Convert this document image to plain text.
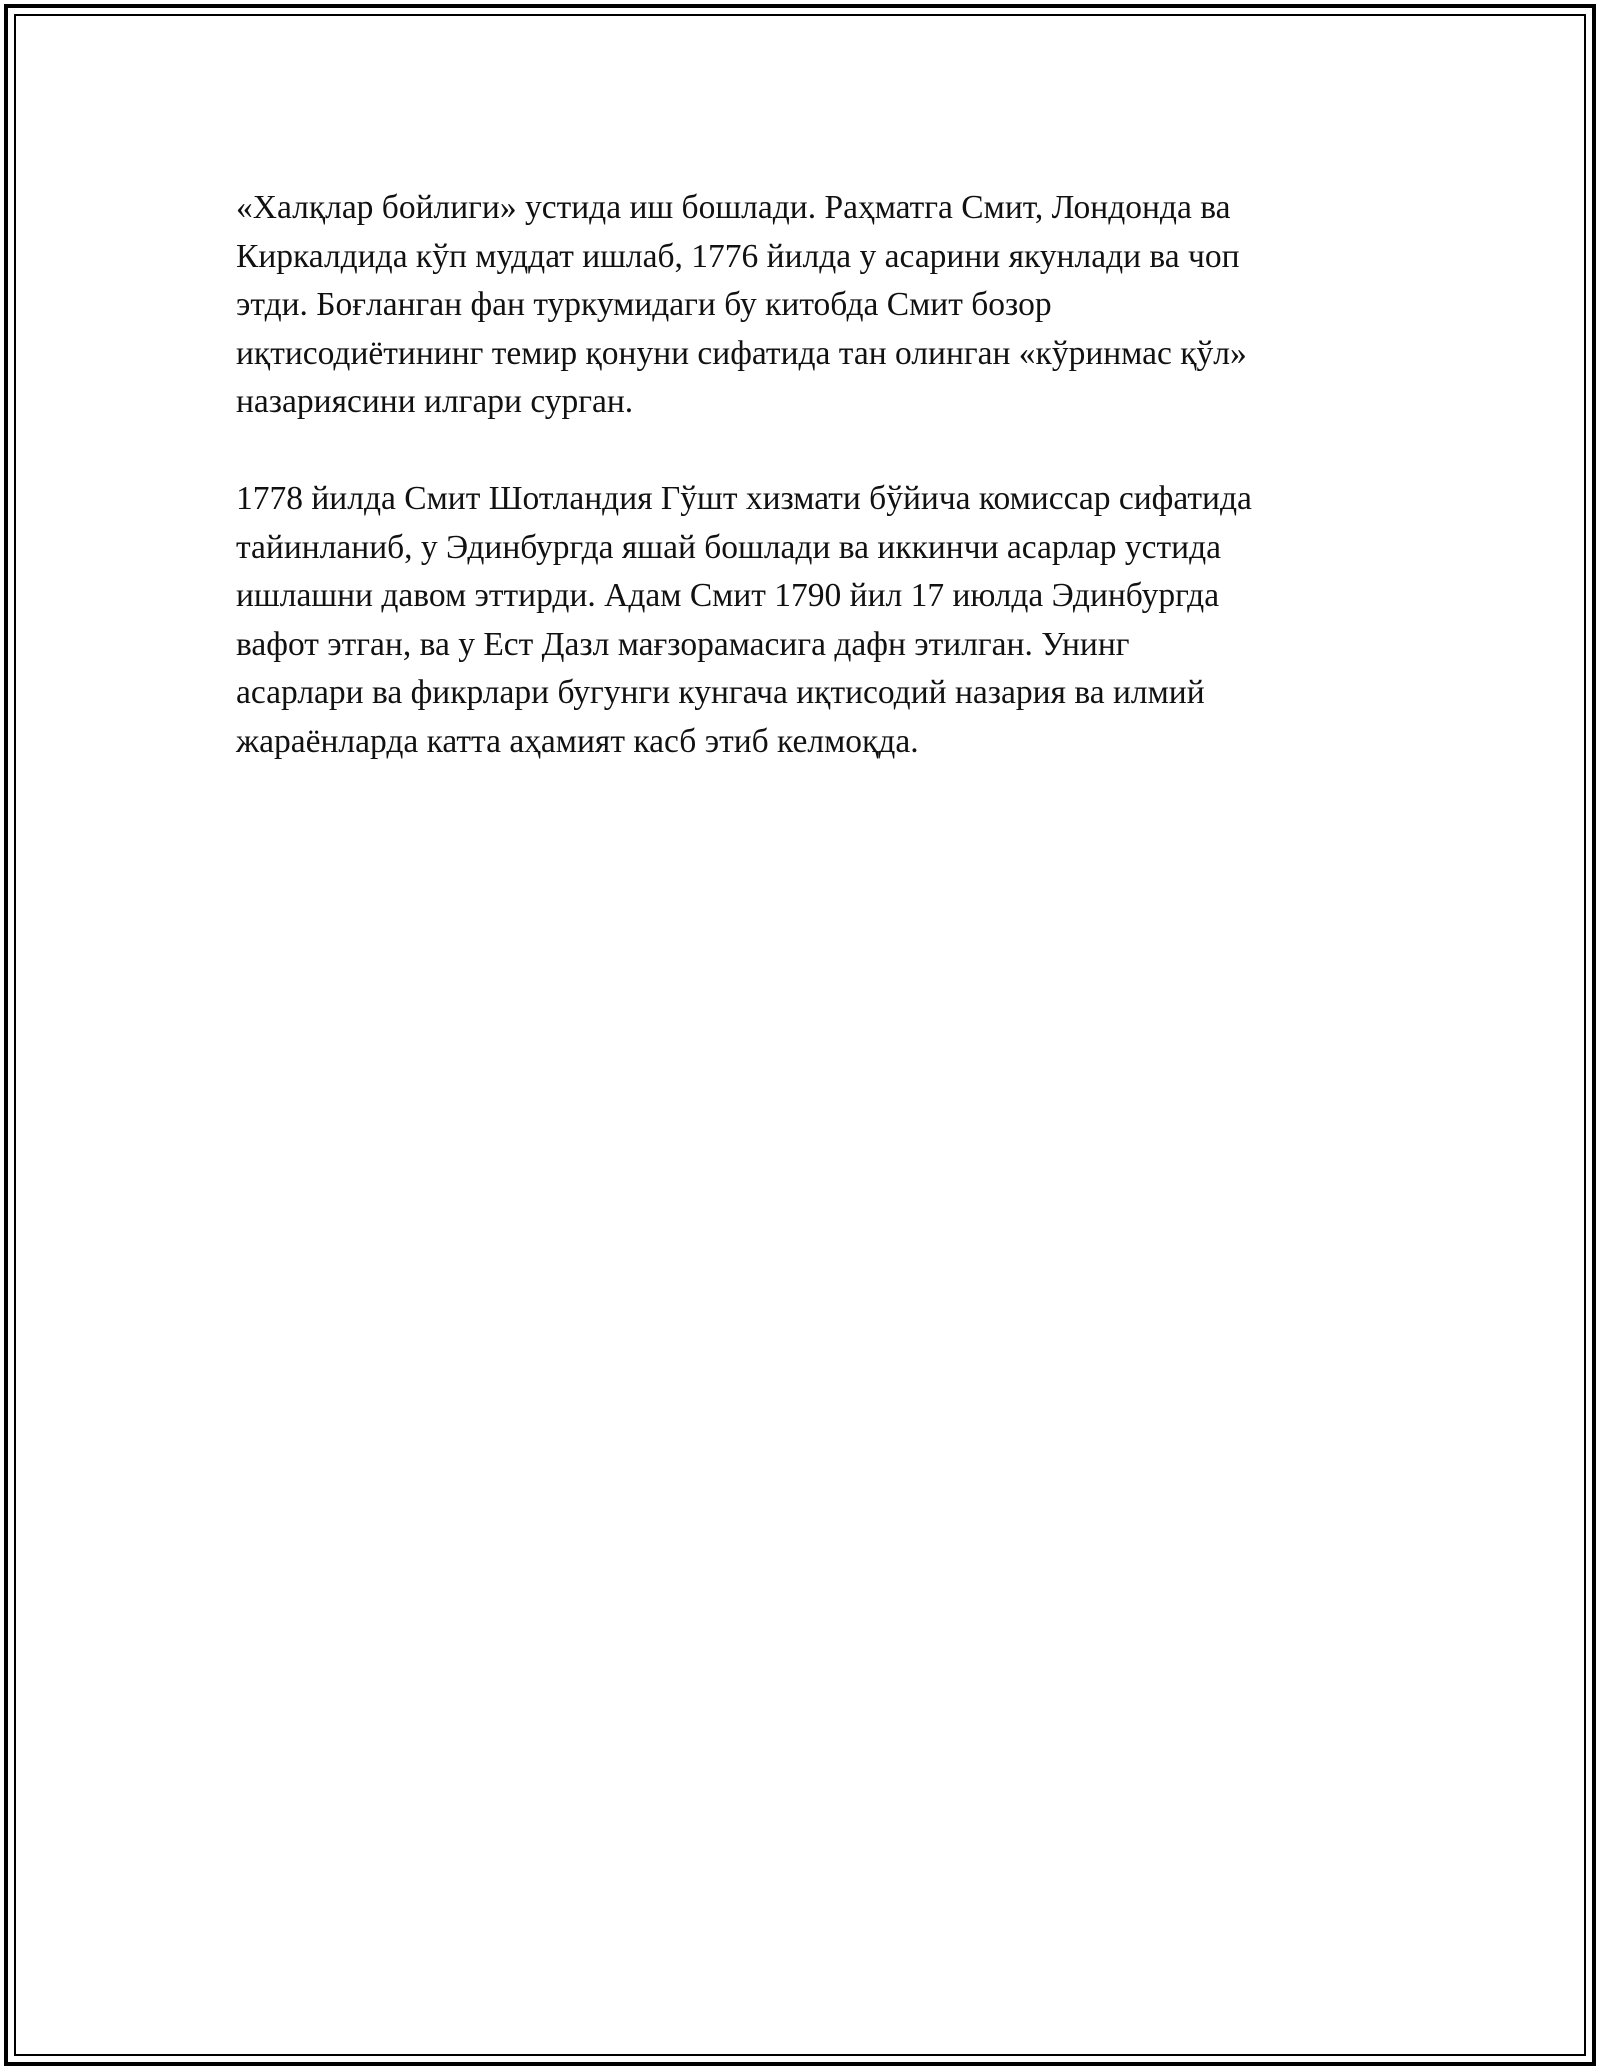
«Халқлар бойлиги» устида иш бошлади. Раҳматга Смит, Лондонда ва
Киркалдида кўп муддат ишлаб, 1776 йилда у асарини якунлади ва чоп
этди. Боғланган фан туркумидаги бу китобда Смит бозор
иқтисодиётининг темир қонуни сифатида тан олинган «кўринмас қўл»
назариясини илгари сурган.

1778 йилда Смит Шотландия Гўшт хизмати бўйича комиссар сифатида
тайинланиб, у Эдинбургда яшай бошлади ва иккинчи асарлар устида
ишлашни давом эттирди. Адам Смит 1790 йил 17 июлда Эдинбургда
вафот этган, ва у Ест Дазл мағзорамасига дафн этилган. Унинг
асарлари ва фикрлари бугунги кунгача иқтисодий назария ва илмий
жараёнларда катта аҳамият касб этиб келмоқда.
